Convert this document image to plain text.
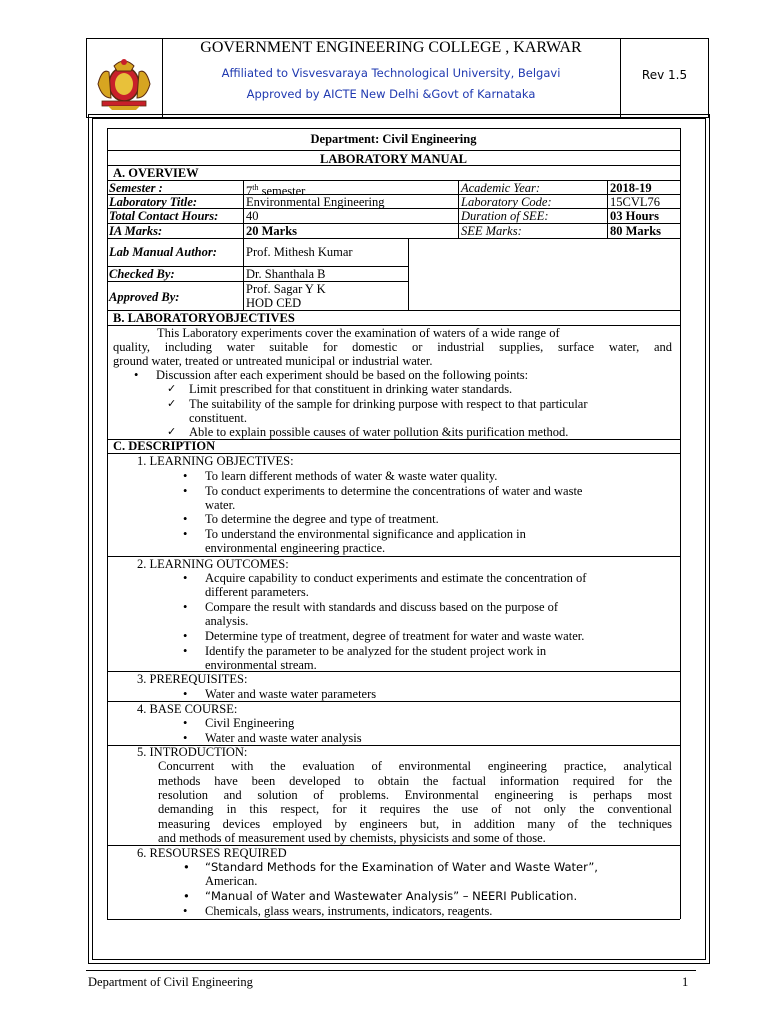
GOVERNMENT ENGINEERING COLLEGE , KARWAR
Affiliated to Visvesvaraya Technological University, Belgavi
Approved by AICTE New Delhi &Govt of Karnataka
Rev 1.5
Department: Civil Engineering
LABORATORY MANUAL
A. OVERVIEW
Semester :	7th semester	Academic Year:	2018-19
Laboratory Title:	Environmental Engineering	Laboratory Code:	15CVL76
Total Contact Hours: 40	Duration of SEE:	03 Hours
IA Marks:	20 Marks	SEE Marks:	80 Marks
Lab Manual Author: Prof. Mithesh Kumar
Checked By:	Dr. Shanthala B
Approved By:
Prof. Sagar Y K
HOD CED
B. LABORATORYOBJECTIVES
This Laboratory experiments cover the examination of waters of a wide range of
quality, including water suitable for domestic or industrial supplies, surface water, and
ground water, treated or untreated municipal or industrial water.
• Discussion after each experiment should be based on the following points:
✓ Limit prescribed for that constituent in drinking water standards.
✓ The suitability of the sample for drinking purpose with respect to that particular
constituent.
✓ Able to explain possible causes of water pollution &its purification method.
C. DESCRIPTION
1. LEARNING OBJECTIVES:
• To learn different methods of water & waste water quality.
• To conduct experiments to determine the concentrations of water and waste
water.
• To determine the degree and type of treatment.
• To understand the environmental significance and application in
environmental engineering practice.
2. LEARNING OUTCOMES:
• Acquire capability to conduct experiments and estimate the concentration of
different parameters.
• Compare the result with standards and discuss based on the purpose of
analysis.
• Determine type of treatment, degree of treatment for water and waste water.
• Identify the parameter to be analyzed for the student project work in
environmental stream.
3. PREREQUISITES:
• Water and waste water parameters
4. BASE COURSE:
• Civil Engineering
• Water and waste water analysis
5. INTRODUCTION:
Concurrent with the evaluation of environmental engineering practice, analytical
methods have been developed to obtain the factual information required for the
resolution and solution of problems. Environmental engineering is perhaps most
demanding in this respect, for it requires the use of not only the conventional
measuring devices employed by engineers but, in addition many of the techniques
and methods of measurement used by chemists, physicists and some of those.
6. RESOURSES REQUIRED
• “Standard Methods for the Examination of Water and Waste Water”,
American.
• “Manual of Water and Wastewater Analysis” – NEERI Publication.
• Chemicals, glass wears, instruments, indicators, reagents.
Department of Civil Engineering	1
